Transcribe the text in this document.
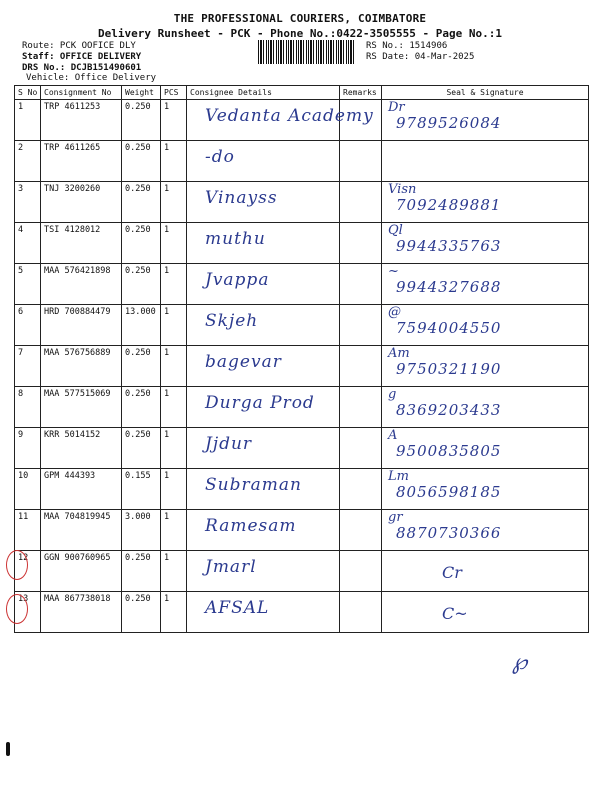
THE PROFESSIONAL COURIERS, COIMBATORE
Delivery Runsheet - PCK - Phone No.:0422-3505555 - Page No.:1
Route: PCK OOFICE DLY
Staff: OFFICE DELIVERY
DRS No.: DCJB151490601
Vehicle: Office Delivery
RS No.: 1514906
RS Date: 04-Mar-2025
S No	Consignment No	Weight	PCS	Consignee Details	Remarks	Seal & Signature
1	TRP 4611253	0.250	1	Vedanta Academy		Dr
9789526084

2	TRP 4611265	0.250	1	-do		

3	TNJ 3200260	0.250	1	Vinayss		Visn
7092489881

4	TSI 4128012	0.250	1	muthu		Ql
9944335763

5	MAA 576421898	0.250	1	Jvappa		~
9944327688

6	HRD 700884479	13.000	1	Skjeh		@
7594004550

7	MAA 576756889	0.250	1	bagevar		Am
9750321190

8	MAA 577515069	0.250	1	Durga Prod		g
8369203433

9	KRR 5014152	0.250	1	Jjdur		A
9500835805

10	GPM 444393	0.155	1	Subraman		Lm
8056598185

11	MAA 704819945	3.000	1	Ramesam		gr
8870730366

12	GGN 900760965	0.250	1	Jmarl		Cr

13	MAA 867738018	0.250	1	AFSAL		C~
℘
